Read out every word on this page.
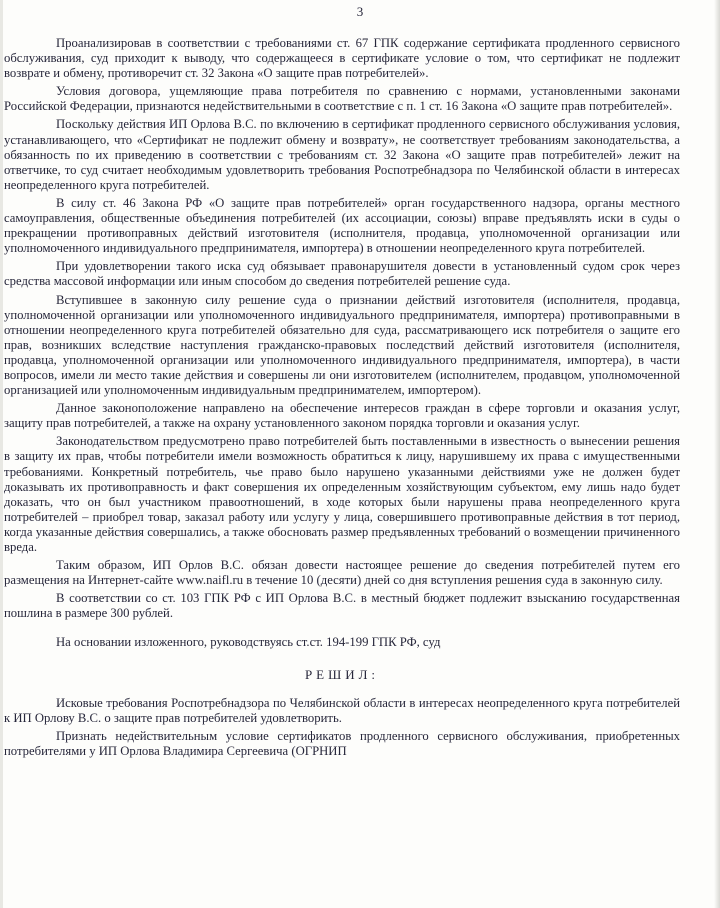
3

Проанализировав в соответствии с требованиями ст. 67 ГПК содержание сертификата продленного сервисного обслуживания, суд приходит к выводу, что содержащееся в сертификате условие о том, что сертификат не подлежит возврате и обмену, противоречит ст. 32 Закона «О защите прав потребителей».

Условия договора, ущемляющие права потребителя по сравнению с нормами, установленными законами Российской Федерации, признаются недействительными в соответствие с п. 1 ст. 16 Закона «О защите прав потребителей».

Поскольку действия ИП Орлова В.С. по включению в сертификат продленного сервисного обслуживания условия, устанавливающего, что «Сертификат не подлежит обмену и возврату», не соответствует требованиям законодательства, а обязанность по их приведению в соответствии с требованиям ст. 32 Закона «О защите прав потребителей» лежит на ответчике, то суд считает необходимым удовлетворить требования Роспотребнадзора по Челябинской области в интересах неопределенного круга потребителей.

В силу ст. 46 Закона РФ «О защите прав потребителей» орган государственного надзора, органы местного самоуправления, общественные объединения потребителей (их ассоциации, союзы) вправе предъявлять иски в суды о прекращении противоправных действий изготовителя (исполнителя, продавца, уполномоченной организации или уполномоченного индивидуального предпринимателя, импортера) в отношении неопределенного круга потребителей.

При удовлетворении такого иска суд обязывает правонарушителя довести в установленный судом срок через средства массовой информации или иным способом до сведения потребителей решение суда.

Вступившее в законную силу решение суда о признании действий изготовителя (исполнителя, продавца, уполномоченной организации или уполномоченного индивидуального предпринимателя, импортера) противоправными в отношении неопределенного круга потребителей обязательно для суда, рассматривающего иск потребителя о защите его прав, возникших вследствие наступления гражданско-правовых последствий действий изготовителя (исполнителя, продавца, уполномоченной организации или уполномоченного индивидуального предпринимателя, импортера), в части вопросов, имели ли место такие действия и совершены ли они изготовителем (исполнителем, продавцом, уполномоченной организацией или уполномоченным индивидуальным предпринимателем, импортером).

Данное законоположение направлено на обеспечение интересов граждан в сфере торговли и оказания услуг, защиту прав потребителей, а также на охрану установленного законом порядка торговли и оказания услуг.

Законодательством предусмотрено право потребителей быть поставленными в известность о вынесении решения в защиту их прав, чтобы потребители имели возможность обратиться к лицу, нарушившему их права с имущественными требованиями. Конкретный потребитель, чье право было нарушено указанными действиями уже не должен будет доказывать их противоправность и факт совершения их определенным хозяйствующим субъектом, ему лишь надо будет доказать, что он был участником правоотношений, в ходе которых были нарушены права неопределенного круга потребителей – приобрел товар, заказал работу или услугу у лица, совершившего противоправные действия в тот период, когда указанные действия совершались, а также обосновать размер предъявленных требований о возмещении причиненного вреда.

Таким образом, ИП Орлов В.С. обязан довести настоящее решение до сведения потребителей путем его размещения на Интернет-сайте www.naifl.ru в течение 10 (десяти) дней со дня вступления решения суда в законную силу.

В соответствии со ст. 103 ГПК РФ с ИП Орлова В.С. в местный бюджет подлежит взысканию государственная пошлина в размере 300 рублей.

На основании изложенного, руководствуясь ст.ст. 194-199 ГПК РФ, суд

РЕШИЛ:

Исковые требования Роспотребнадзора по Челябинской области в интересах неопределенного круга потребителей к ИП Орлову В.С. о защите прав потребителей удовлетворить.

Признать недействительным условие сертификатов продленного сервисного обслуживания, приобретенных потребителями у ИП Орлова Владимира Сергеевича (ОГРНИП
